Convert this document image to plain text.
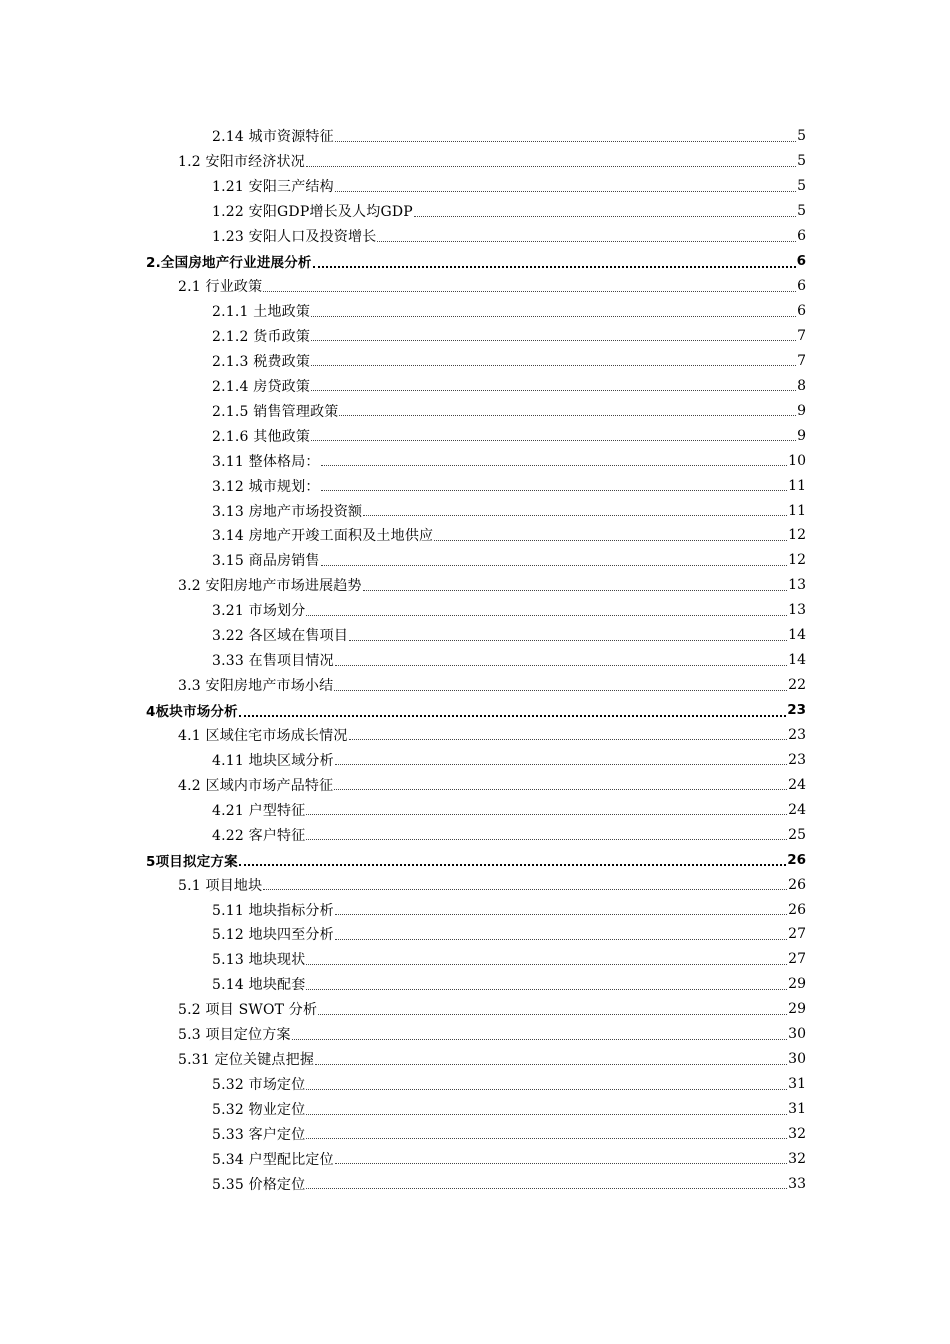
2.14 城市资源特征	5
1.2 安阳市经济状况	5
1.21 安阳三产结构	5
1.22 安阳GDP增长及人均GDP	5
1.23 安阳人口及投资增长	6
2.全国房地产行业进展分析	6
2.1 行业政策	6
2.1.1 土地政策	6
2.1.2 货币政策	7
2.1.3 税费政策	7
2.1.4 房贷政策	8
2.1.5 销售管理政策	9
2.1.6 其他政策	9
3.11 整体格局：	10
3.12 城市规划：	11
3.13 房地产市场投资额	11
3.14 房地产开竣工面积及土地供应	12
3.15 商品房销售	12
3.2 安阳房地产市场进展趋势	13
3.21 市场划分	13
3.22 各区域在售项目	14
3.33 在售项目情况	14
3.3 安阳房地产市场小结	22
4板块市场分析	23
4.1 区域住宅市场成长情况	23
4.11 地块区域分析	23
4.2 区域内市场产品特征	24
4.21 户型特征	24
4.22 客户特征	25
5项目拟定方案	26
5.1 项目地块	26
5.11 地块指标分析	26
5.12 地块四至分析	27
5.13 地块现状	27
5.14 地块配套	29
5.2 项目 SWOT 分析	29
5.3 项目定位方案	30
5.31 定位关键点把握	30
5.32 市场定位	31
5.32 物业定位	31
5.33 客户定位	32
5.34 户型配比定位	32
5.35 价格定位	33
